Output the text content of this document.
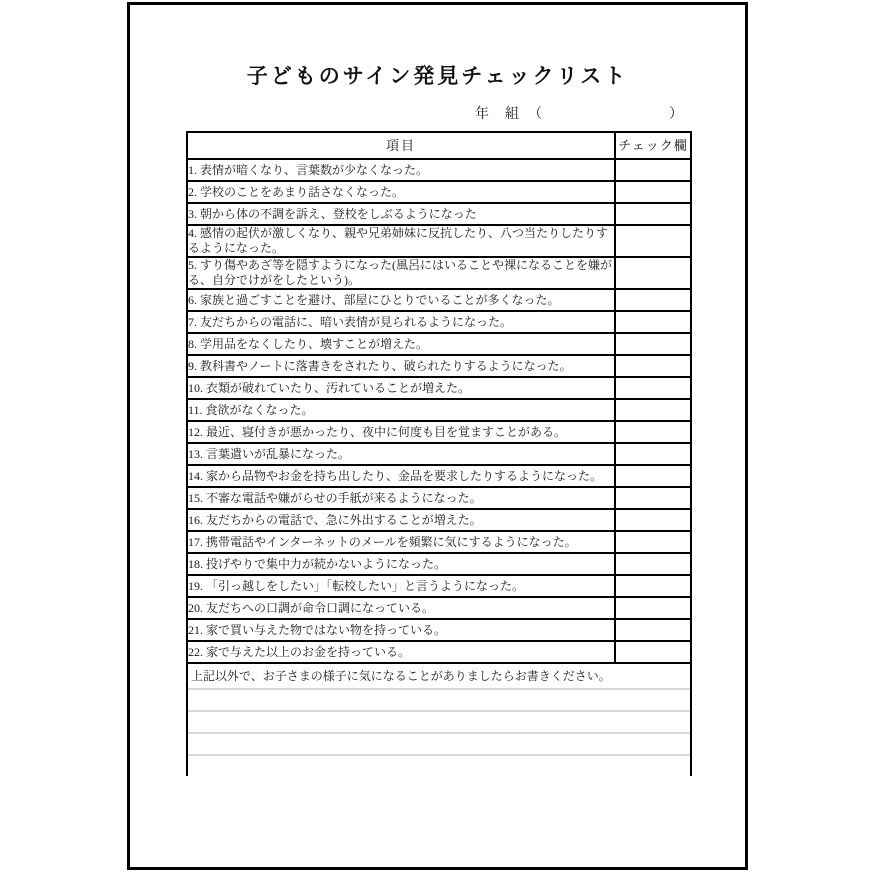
子どものサイン発見チェックリスト
年　組　（	）
項目	チェック欄
1. 表情が暗くなり、言葉数が少なくなった。	
2. 学校のことをあまり話さなくなった。	
3. 朝から体の不調を訴え、登校をしぶるようになった	
4. 感情の起伏が激しくなり、親や兄弟姉妹に反抗したり、八つ当たりしたりするようになった。	
5. すり傷やあざ等を隠すようになった(風呂にはいることや裸になることを嫌がる、自分でけがをしたという)。	
6. 家族と過ごすことを避け、部屋にひとりでいることが多くなった。	
7. 友だちからの電話に、暗い表情が見られるようになった。	
8. 学用品をなくしたり、壊すことが増えた。	
9. 教科書やノートに落書きをされたり、破られたりするようになった。	
10. 衣類が破れていたり、汚れていることが増えた。	
11. 食欲がなくなった。	
12. 最近、寝付きが悪かったり、夜中に何度も目を覚ますことがある。	
13. 言葉遣いが乱暴になった。	
14. 家から品物やお金を持ち出したり、金品を要求したりするようになった。	
15. 不審な電話や嫌がらせの手紙が来るようになった。	
16. 友だちからの電話で、急に外出することが増えた。	
17. 携帯電話やインターネットのメールを頻繁に気にするようになった。	
18. 投げやりで集中力が続かないようになった。	
19. 「引っ越しをしたい」「転校したい」と言うようになった。	
20. 友だちへの口調が命令口調になっている。	
21. 家で買い与えた物ではない物を持っている。	
22. 家で与えた以上のお金を持っている。	
上記以外で、お子さまの様子に気になることがありましたらお書きください。	
